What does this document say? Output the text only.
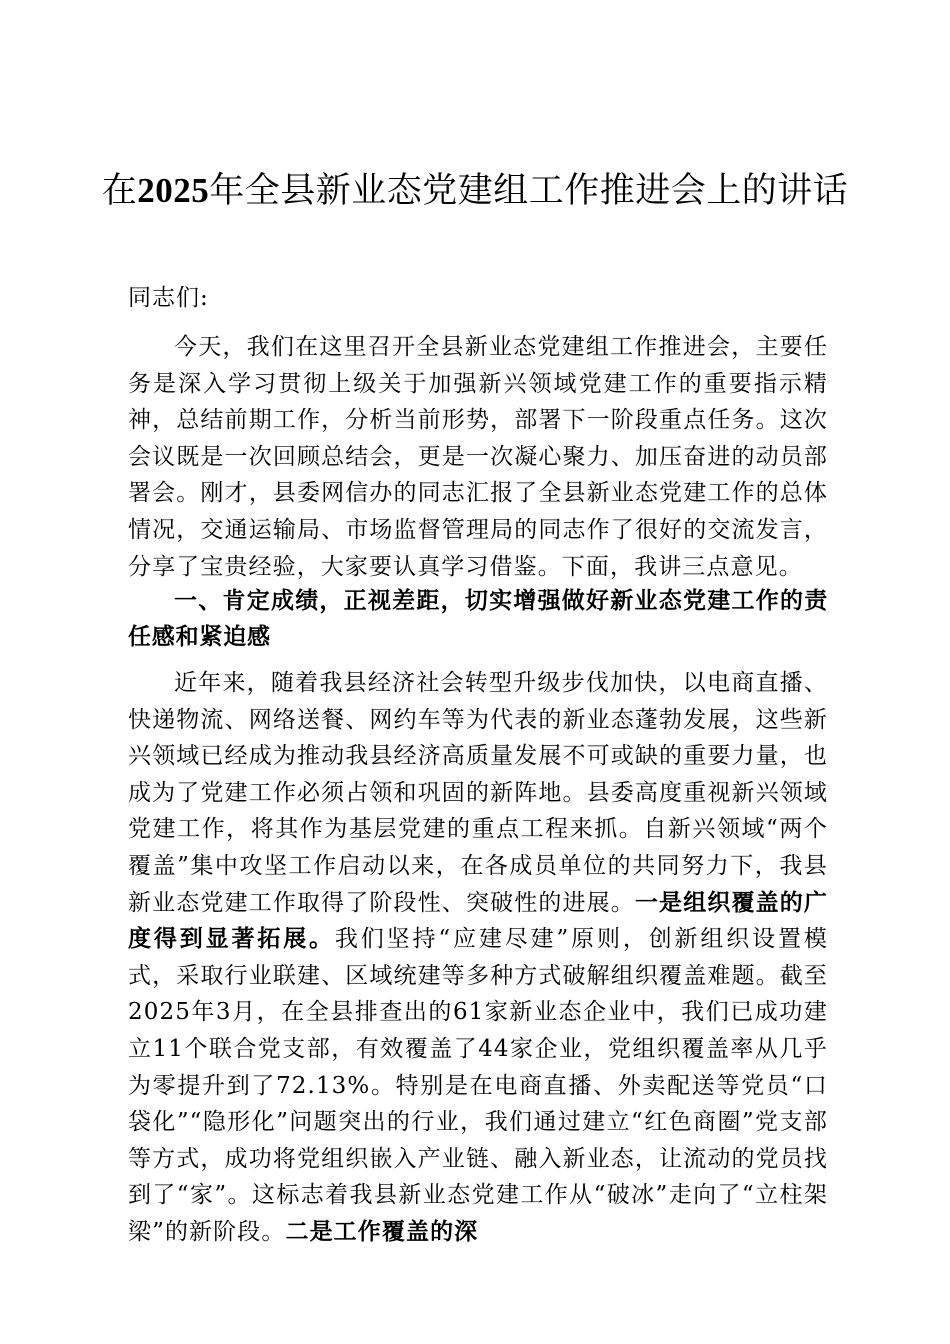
在2025年全县新业态党建组工作推进会上的讲话
同志们:
今天，我们在这里召开全县新业态党建组工作推进会，主要任务是深入学习贯彻上级关于加强新兴领域党建工作的重要指示精神，总结前期工作，分析当前形势，部署下一阶段重点任务。这次会议既是一次回顾总结会，更是一次凝心聚力、加压奋进的动员部署会。刚才，县委网信办的同志汇报了全县新业态党建工作的总体情况，交通运输局、市场监督管理局的同志作了很好的交流发言，分享了宝贵经验，大家要认真学习借鉴。下面，我讲三点意见。
一、肯定成绩，正视差距，切实增强做好新业态党建工作的责任感和紧迫感
近年来，随着我县经济社会转型升级步伐加快，以电商直播、快递物流、网络送餐、网约车等为代表的新业态蓬勃发展，这些新兴领域已经成为推动我县经济高质量发展不可或缺的重要力量，也成为了党建工作必须占领和巩固的新阵地。县委高度重视新兴领域党建工作，将其作为基层党建的重点工程来抓。自新兴领域“两个覆盖”集中攻坚工作启动以来，在各成员单位的共同努力下，我县新业态党建工作取得了阶段性、突破性的进展。一是组织覆盖的广度得到显著拓展。我们坚持“应建尽建”原则，创新组织设置模式，采取行业联建、区域统建等多种方式破解组织覆盖难题。截至2025年3月，在全县排查出的61家新业态企业中，我们已成功建立11个联合党支部，有效覆盖了44家企业，党组织覆盖率从几乎为零提升到了72.13%。特别是在电商直播、外卖配送等党员“口袋化”“隐形化”问题突出的行业，我们通过建立“红色商圈”党支部等方式，成功将党组织嵌入产业链、融入新业态，让流动的党员找到了“家”。这标志着我县新业态党建工作从“破冰”走向了“立柱架梁”的新阶段。二是工作覆盖的深
